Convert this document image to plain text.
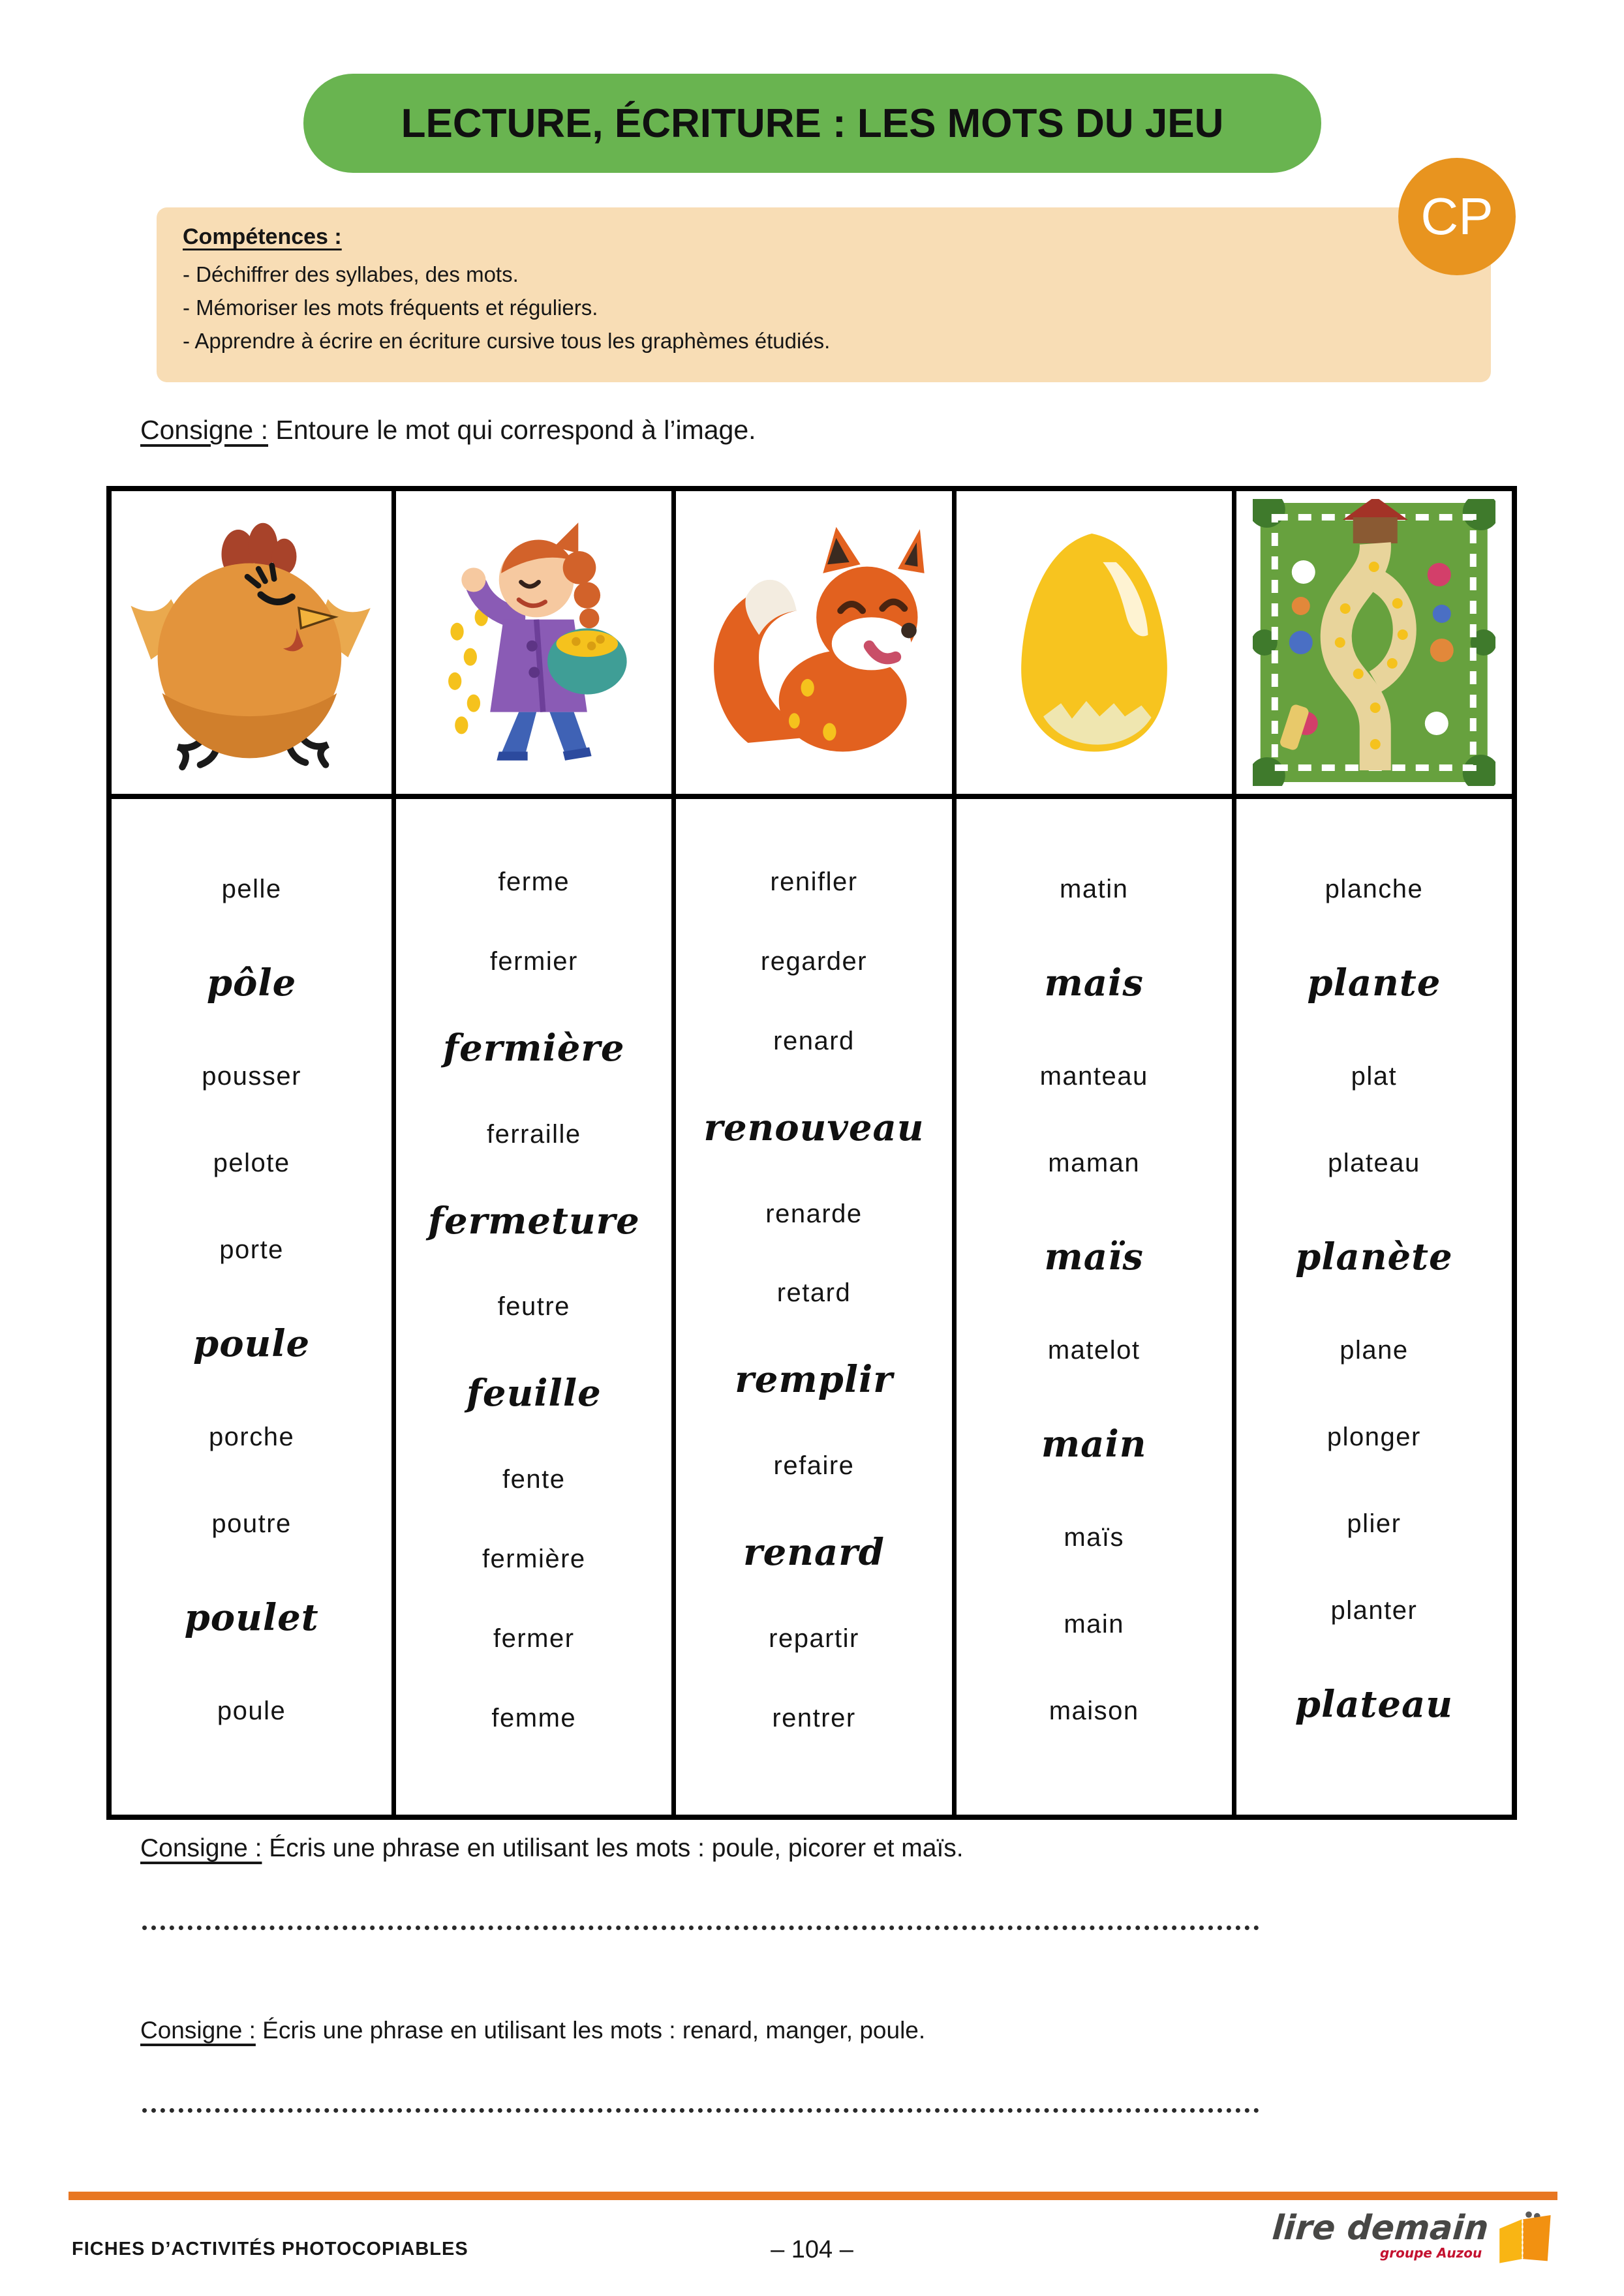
LECTURE, ÉCRITURE : LES MOTS DU JEU
CP
Compétences :
- Déchiffrer des syllabes, des mots.
- Mémoriser les mots fréquents et réguliers.
- Apprendre à écrire en écriture cursive tous les graphèmes étudiés.
Consigne : Entoure le mot qui correspond à l’image.
pelle
pôle
pousser
pelote
porte
poule
porche
poutre
poulet
poule
ferme
fermier
fermière
ferraille
fermeture
feutre
feuille
fente
fermière
fermer
femme
renifler
regarder
renard
renouveau
renarde
retard
remplir
refaire
renard
repartir
rentrer
matin
mais
manteau
maman
maïs
matelot
main
maïs
main
maison
planche
plante
plat
plateau
planète
plane
plonger
plier
planter
plateau
Consigne : Écris une phrase en utilisant les mots : poule, picorer et maïs.
Consigne : Écris une phrase en utilisant les mots : renard, manger, poule.
FICHES D’ACTIVITÉS PHOTOCOPIABLES	– 104 –
lire demain
groupe Auzou
